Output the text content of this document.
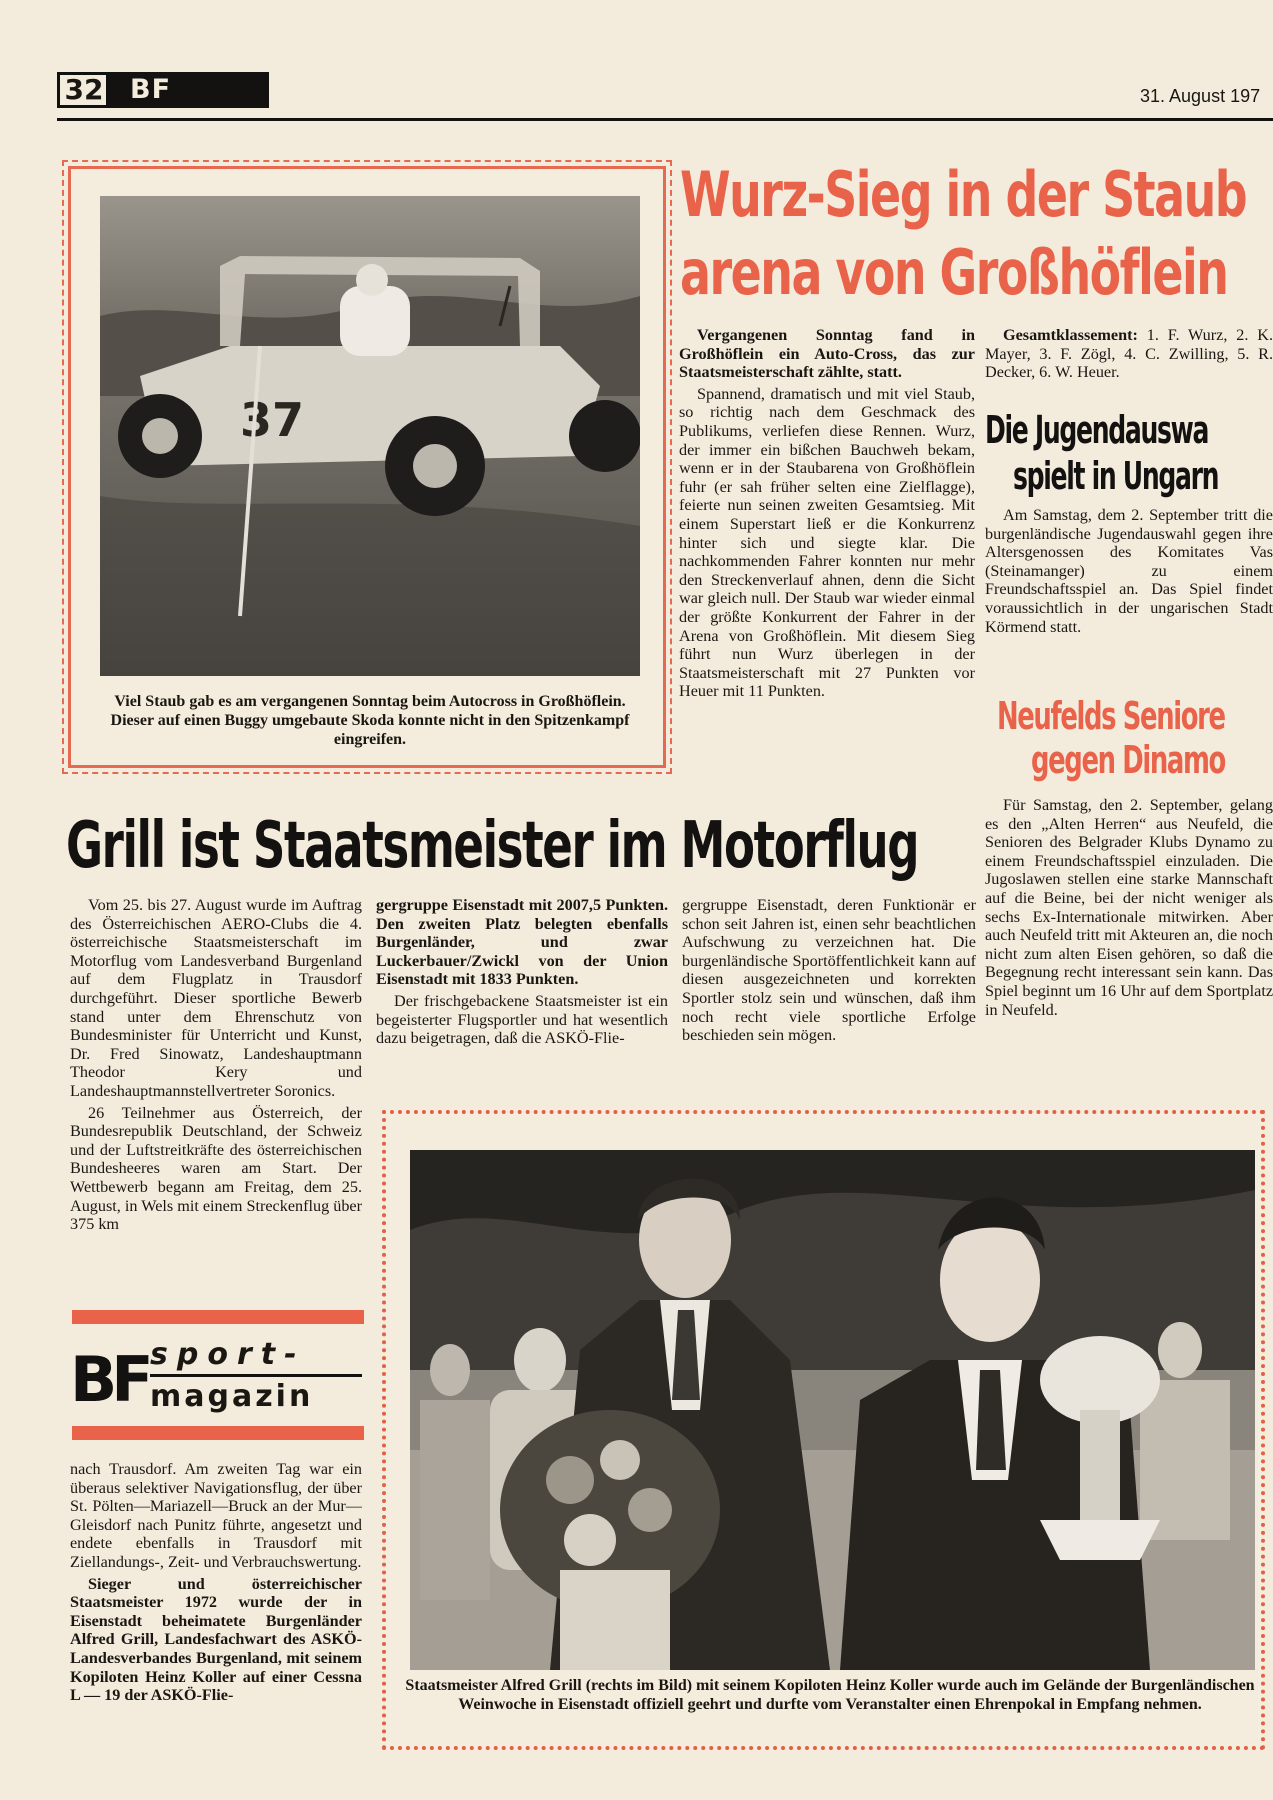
32 BF	31. August 197
37
Viel Staub gab es am vergangenen Sonntag beim Autocross in Großhöflein. Dieser auf einen Buggy umgebaute Skoda konnte nicht in den Spitzenkampf eingreifen.
Wurz-Sieg in der Staub
arena von Großhöflein

Vergangenen Sonntag fand in Großhöflein ein Auto-Cross, das zur Staatsmeisterschaft zählte, statt.

Spannend, dramatisch und mit viel Staub, so richtig nach dem Geschmack des Publikums, verliefen diese Rennen. Wurz, der immer ein bißchen Bauchweh bekam, wenn er in der Staubarena von Großhöflein fuhr (er sah früher selten eine Zielflagge), feierte nun seinen zweiten Gesamtsieg. Mit einem Superstart ließ er die Konkurrenz hinter sich und siegte klar. Die nachkommenden Fahrer konnten nur mehr den Streckenverlauf ahnen, denn die Sicht war gleich null. Der Staub war wieder einmal der größte Konkurrent der Fahrer in der Arena von Großhöflein. Mit diesem Sieg führt nun Wurz überlegen in der Staatsmeisterschaft mit 27 Punkten vor Heuer mit 11 Punkten.

Gesamtklassement: 1. F. Wurz, 2. K. Mayer, 3. F. Zögl, 4. C. Zwilling, 5. R. Decker, 6. W. Heuer.

Die Jugendauswa
spielt in Ungarn

Am Samstag, dem 2. September tritt die burgenländische Jugendauswahl gegen ihre Altersgenossen des Komitates Vas (Steinamanger) zu einem Freundschaftsspiel an. Das Spiel findet voraussichtlich in der ungarischen Stadt Körmend statt.

Neufelds Seniore
gegen Dinamo

Für Samstag, den 2. September, gelang es den „Alten Herren“ aus Neufeld, die Senioren des Belgrader Klubs Dynamo zu einem Freundschaftsspiel einzuladen. Die Jugoslawen stellen eine starke Mannschaft auf die Beine, bei der nicht weniger als sechs Ex-Internationale mitwirken. Aber auch Neufeld tritt mit Akteuren an, die noch nicht zum alten Eisen gehören, so daß die Begegnung recht interessant sein kann. Das Spiel beginnt um 16 Uhr auf dem Sportplatz in Neufeld.

Grill ist Staatsmeister im Motorflug

Vom 25. bis 27. August wurde im Auftrag des Österreichischen AERO-Clubs die 4. österreichische Staatsmeisterschaft im Motorflug vom Landesverband Burgenland auf dem Flugplatz in Trausdorf durchgeführt. Dieser sportliche Bewerb stand unter dem Ehrenschutz von Bundesminister für Unterricht und Kunst, Dr. Fred Sinowatz, Landeshauptmann Theodor Kery und Landeshauptmannstellvertreter Soronics.

26 Teilnehmer aus Österreich, der Bundesrepublik Deutschland, der Schweiz und der Luftstreitkräfte des österreichischen Bundesheeres waren am Start. Der Wettbewerb begann am Freitag, dem 25. August, in Wels mit einem Streckenflug über 375 km

BF sport-
magazin

nach Trausdorf. Am zweiten Tag war ein überaus selektiver Navigationsflug, der über St. Pölten—Mariazell—Bruck an der Mur—Gleisdorf nach Punitz führte, angesetzt und endete ebenfalls in Trausdorf mit Ziellandungs-, Zeit- und Verbrauchswertung.

Sieger und österreichischer Staatsmeister 1972 wurde der in Eisenstadt beheimatete Burgenländer Alfred Grill, Landesfachwart des ASKÖ-Landesverbandes Burgenland, mit seinem Kopiloten Heinz Koller auf einer Cessna L — 19 der ASKÖ-Flie-

gergruppe Eisenstadt mit 2007,5 Punkten. Den zweiten Platz belegten ebenfalls Burgenländer, und zwar Luckerbauer/Zwickl von der Union Eisenstadt mit 1833 Punkten.

Der frischgebackene Staatsmeister ist ein begeisterter Flugsportler und hat wesentlich dazu beigetragen, daß die ASKÖ-Flie-

gergruppe Eisenstadt, deren Funktionär er schon seit Jahren ist, einen sehr beachtlichen Aufschwung zu verzeichnen hat. Die burgenländische Sportöffentlichkeit kann auf diesen ausgezeichneten und korrekten Sportler stolz sein und wünschen, daß ihm noch recht viele sportliche Erfolge beschieden sein mögen.

Staatsmeister Alfred Grill (rechts im Bild) mit seinem Kopiloten Heinz Koller wurde auch im Gelände der Burgenländischen Weinwoche in Eisenstadt offiziell geehrt und durfte vom Veranstalter einen Ehrenpokal in Empfang nehmen.
